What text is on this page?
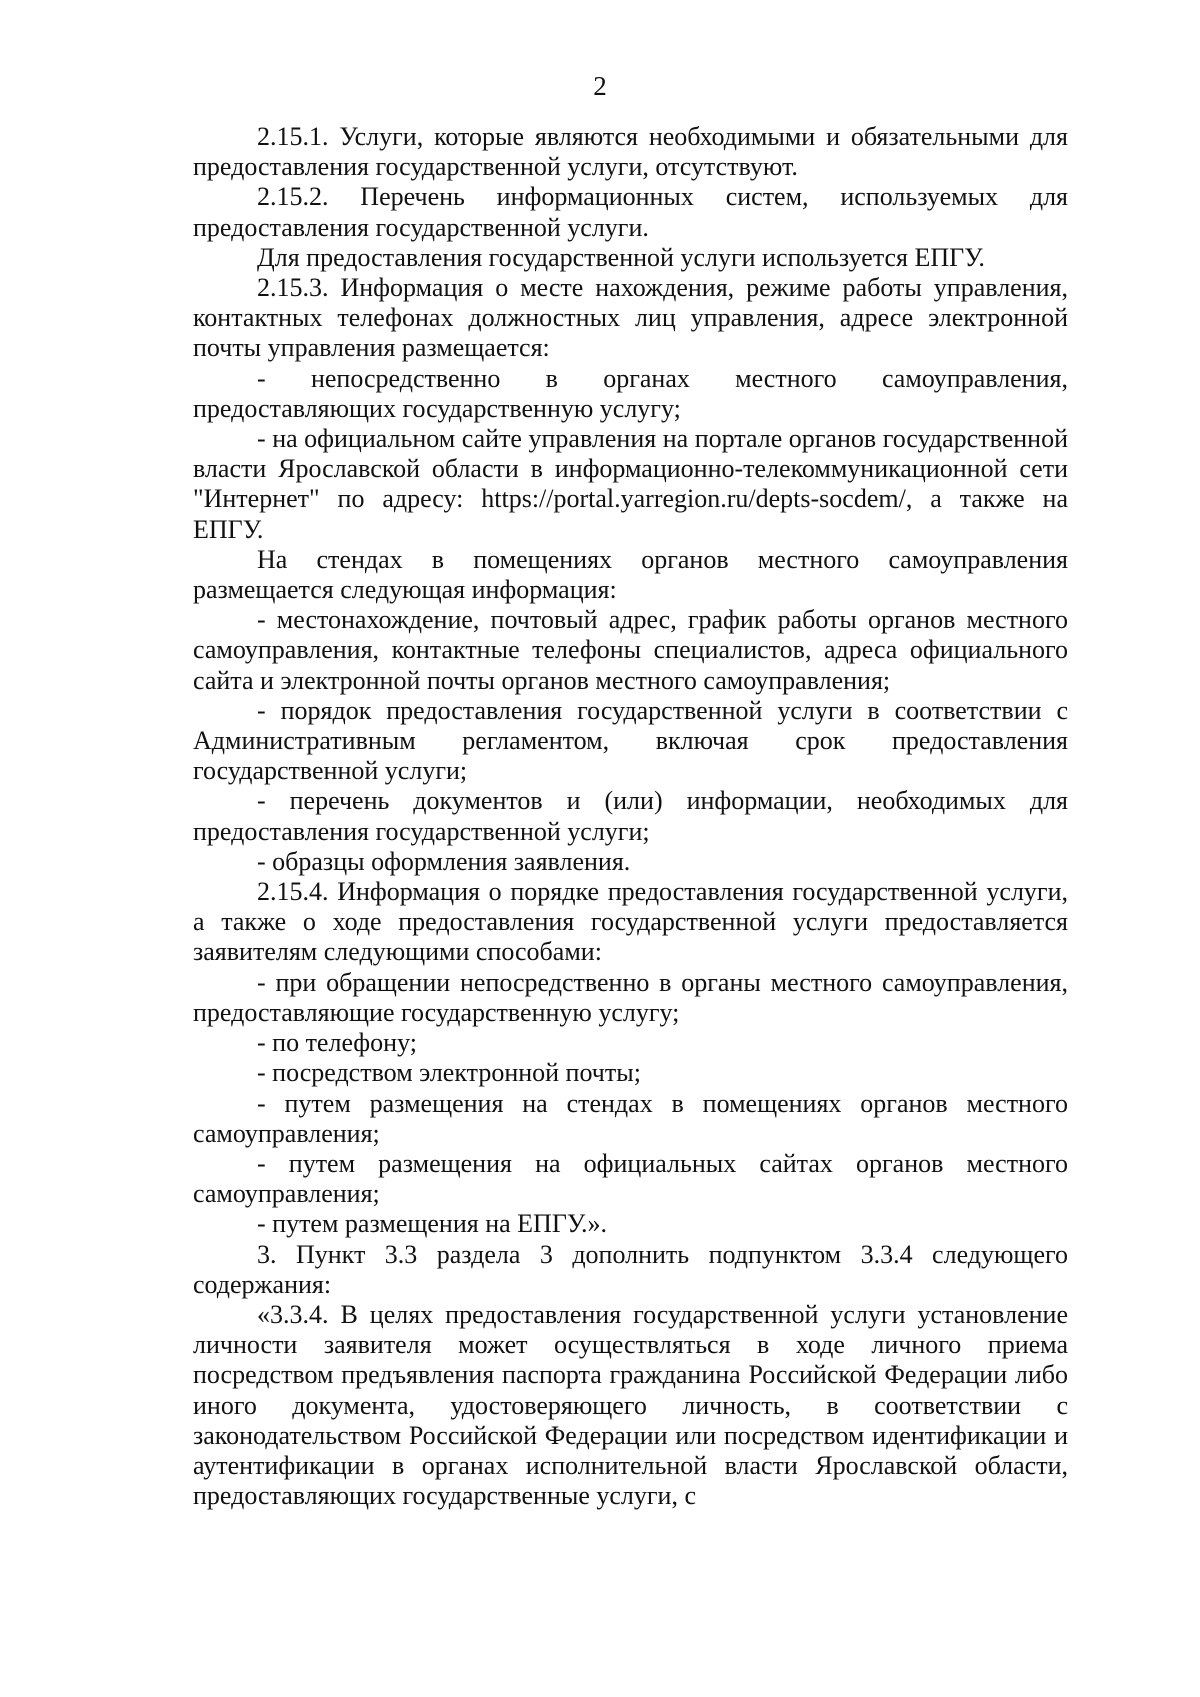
2

2.15.1. Услуги, которые являются необходимыми и обязательными для предоставления государственной услуги, отсутствуют.

2.15.2. Перечень информационных систем, используемых для предоставления государственной услуги.

Для предоставления государственной услуги используется ЕПГУ.

2.15.3. Информация о месте нахождения, режиме работы управления, контактных телефонах должностных лиц управления, адресе электронной почты управления размещается:

- непосредственно в органах местного самоуправления, предоставляющих государственную услугу;

- на официальном сайте управления на портале органов государственной власти Ярославской области в информационно-телекоммуникационной сети "Интернет" по адресу: https://portal.yarregion.ru/depts-socdem/, а также на ЕПГУ.

На стендах в помещениях органов местного самоуправления размещается следующая информация:

- местонахождение, почтовый адрес, график работы органов местного самоуправления, контактные телефоны специалистов, адреса официального сайта и электронной почты органов местного самоуправления;

- порядок предоставления государственной услуги в соответствии с Административным регламентом, включая срок предоставления государственной услуги;

- перечень документов и (или) информации, необходимых для предоставления государственной услуги;

- образцы оформления заявления.

2.15.4. Информация о порядке предоставления государственной услуги, а также о ходе предоставления государственной услуги предоставляется заявителям следующими способами:

- при обращении непосредственно в органы местного самоуправления, предоставляющие государственную услугу;

- по телефону;

- посредством электронной почты;

- путем размещения на стендах в помещениях органов местного самоуправления;

- путем размещения на официальных сайтах органов местного самоуправления;

- путем размещения на ЕПГУ.».

3. Пункт 3.3 раздела 3 дополнить подпунктом 3.3.4 следующего содержания:

«3.3.4. В целях предоставления государственной услуги установление личности заявителя может осуществляться в ходе личного приема посредством предъявления паспорта гражданина Российской Федерации либо иного документа, удостоверяющего личность, в соответствии с законодательством Российской Федерации или посредством идентификации и аутентификации в органах исполнительной власти Ярославской области, предоставляющих государственные услуги, с
